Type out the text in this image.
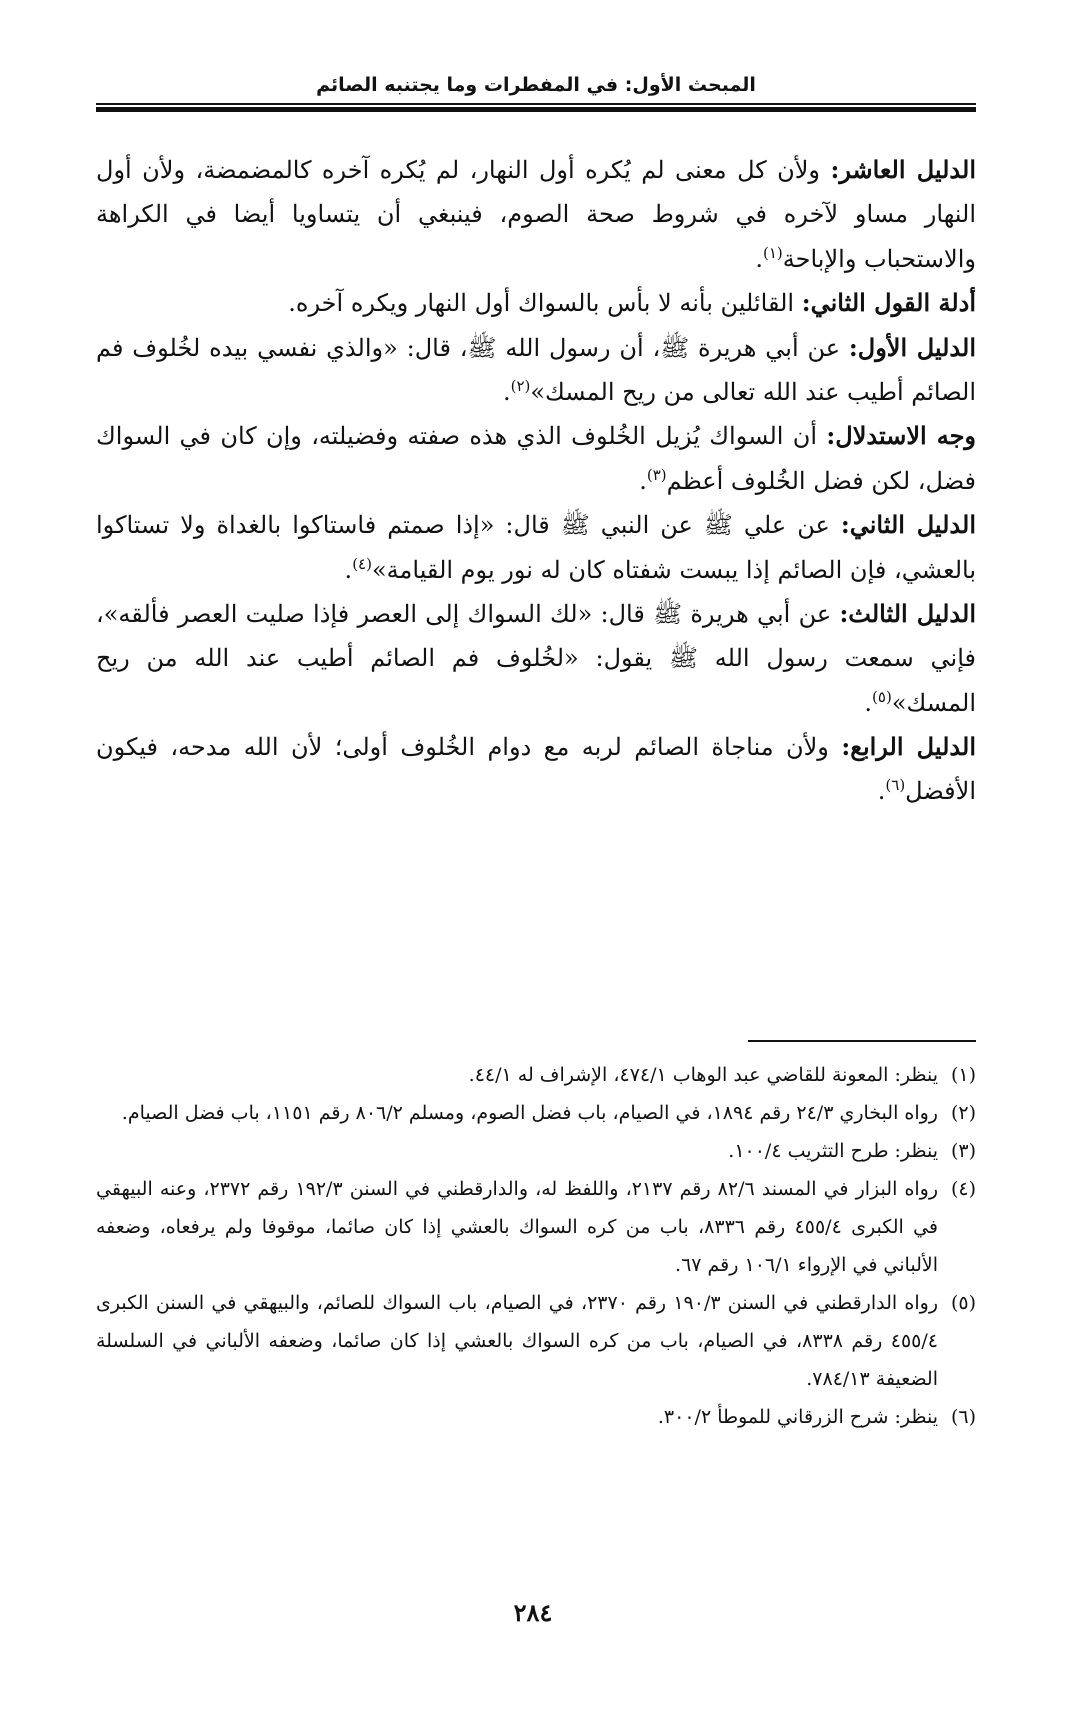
المبحث الأول: في المفطرات وما يجتنبه الصائم

الدليل العاشر: ولأن كل معنى لم يُكره أول النهار، لم يُكره آخره كالمضمضة، ولأن أول النهار مساو لآخره في شروط صحة الصوم، فينبغي أن يتساويا أيضا في الكراهة والاستحباب والإباحة$^{(١)}$.

أدلة القول الثاني: القائلين بأنه لا بأس بالسواك أول النهار ويكره آخره.

الدليل الأول: عن أبي هريرة ﷺ، أن رسول الله ﷺ، قال: «والذي نفسي بيده لخُلوف فم الصائم أطيب عند الله تعالى من ريح المسك»$^{(٢)}$.

وجه الاستدلال: أن السواك يُزيل الخُلوف الذي هذه صفته وفضيلته، وإن كان في السواك فضل، لكن فضل الخُلوف أعظم$^{(٣)}$.

الدليل الثاني: عن علي ﷺ عن النبي ﷺ قال: «إذا صمتم فاستاكوا بالغداة ولا تستاكوا بالعشي، فإن الصائم إذا يبست شفتاه كان له نور يوم القيامة»$^{(٤)}$.

الدليل الثالث: عن أبي هريرة ﷺ قال: «لك السواك إلى العصر فإذا صليت العصر فألقه»، فإني سمعت رسول الله ﷺ يقول: «لخُلوف فم الصائم أطيب عند الله من ريح المسك»$^{(٥)}$.

الدليل الرابع: ولأن مناجاة الصائم لربه مع دوام الخُلوف أولى؛ لأن الله مدحه، فيكون الأفضل$^{(٦)}$.

(١)ينظر: المعونة للقاضي عبد الوهاب ٤٧٤/١، الإشراف له ٤٤/١.

(٢)رواه البخاري ٢٤/٣ رقم ١٨٩٤، في الصيام، باب فضل الصوم، ومسلم ٨٠٦/٢ رقم ١١٥١، باب فضل الصيام.

(٣)ينظر: طرح التثريب ١٠٠/٤.

(٤)رواه البزار في المسند ٨٢/٦ رقم ٢١٣٧، واللفظ له، والدارقطني في السنن ١٩٢/٣ رقم ٢٣٧٢، وعنه البيهقي في الكبرى ٤٥٥/٤ رقم ٨٣٣٦، باب من كره السواك بالعشي إذا كان صائما، موقوفا ولم يرفعاه، وضعفه الألباني في الإرواء ١٠٦/١ رقم ٦٧.

(٥)رواه الدارقطني في السنن ١٩٠/٣ رقم ٢٣٧٠، في الصيام، باب السواك للصائم، والبيهقي في السنن الكبرى ٤٥٥/٤ رقم ٨٣٣٨، في الصيام، باب من كره السواك بالعشي إذا كان صائما، وضعفه الألباني في السلسلة الضعيفة ٧٨٤/١٣.

(٦)ينظر: شرح الزرقاني للموطأ ٣٠٠/٢.

٢٨٤
